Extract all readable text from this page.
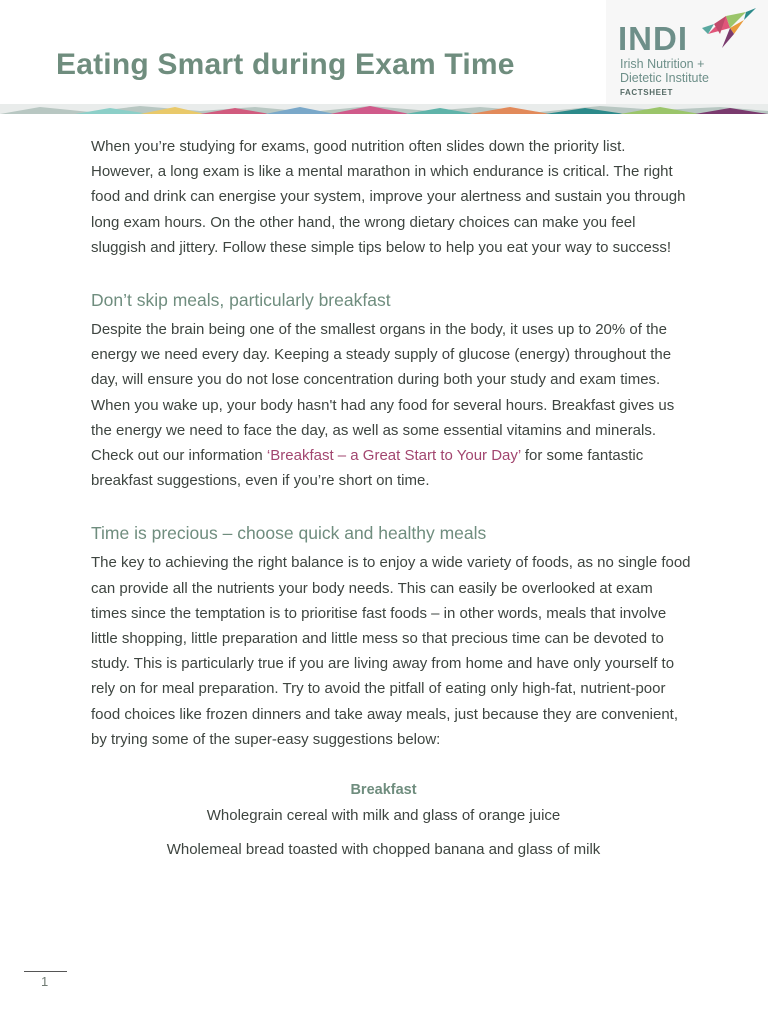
Eating Smart during Exam Time
INDI
Irish Nutrition +
Dietetic Institute
FACTSHEET

When you’re studying for exams, good nutrition often slides down the priority list. However, a long exam is like a mental marathon in which endurance is critical. The right food and drink can energise your system, improve your alertness and sustain you through long exam hours. On the other hand, the wrong dietary choices can make you feel sluggish and jittery. Follow these simple tips below to help you eat your way to success!

Don’t skip meals, particularly breakfast

Despite the brain being one of the smallest organs in the body, it uses up to 20% of the energy we need every day. Keeping a steady supply of glucose (energy) throughout the day, will ensure you do not lose concentration during both your study and exam times. When you wake up, your body hasn't had any food for several hours. Breakfast gives us the energy we need to face the day, as well as some essential vitamins and minerals. Check out our information ‘Breakfast – a Great Start to Your Day’ for some fantastic breakfast suggestions, even if you’re short on time.

Time is precious – choose quick and healthy meals

The key to achieving the right balance is to enjoy a wide variety of foods, as no single food can provide all the nutrients your body needs. This can easily be overlooked at exam times since the temptation is to prioritise fast foods – in other words, meals that involve little shopping, little preparation and little mess so that precious time can be devoted to study. This is particularly true if you are living away from home and have only yourself to rely on for meal preparation. Try to avoid the pitfall of eating only high-fat, nutrient-poor food choices like frozen dinners and take away meals, just because they are convenient, by trying some of the super-easy suggestions below:

Breakfast

Wholegrain cereal with milk and glass of orange juice

Wholemeal bread toasted with chopped banana and glass of milk

1
